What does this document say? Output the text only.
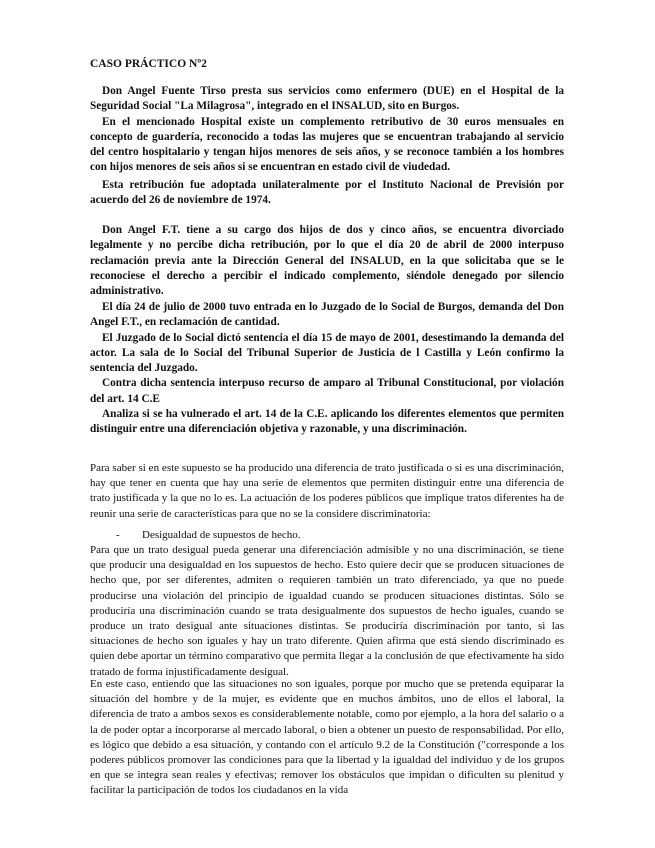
CASO PRÁCTICO Nº2
Don Angel Fuente Tirso presta sus servicios como enfermero (DUE) en el Hospital de la Seguridad Social "La Milagrosa", integrado en el INSALUD, sito en Burgos.
En el mencionado Hospital existe un complemento retributivo de 30 euros mensuales en concepto de guardería, reconocido a todas las mujeres que se encuentran trabajando al servicio del centro hospitalario y tengan hijos menores de seis años, y se reconoce también a los hombres con hijos menores de seis años si se encuentran en estado civil de viudedad.

Esta retribución fue adoptada unilateralmente por el Instituto Nacional de Previsión por acuerdo del 26 de noviembre de 1974.

Don Angel F.T. tiene a su cargo dos hijos de dos y cinco años, se encuentra divorciado legalmente y no percibe dicha retribución, por lo que el día 20 de abril de 2000 interpuso reclamación previa ante la Dirección General del INSALUD, en la que solicitaba que se le reconociese el derecho a percibir el indicado complemento, siéndole denegado por silencio administrativo.

El día 24 de julio de 2000 tuvo entrada en lo Juzgado de lo Social de Burgos, demanda del Don Angel F.T., en reclamación de cantidad.
El Juzgado de lo Social dictó sentencia el día 15 de mayo de 2001, desestimando la demanda del actor. La sala de lo Social del Tribunal Superior de Justicia de l Castilla y León confirmo la sentencia del Juzgado.
Contra dicha sentencia interpuso recurso de amparo al Tribunal Constitucional, por violación del art. 14 C.E

Analiza si se ha vulnerado el art. 14 de la C.E. aplicando los diferentes elementos que permiten distinguir entre una diferenciación objetiva y razonable, y una discriminación.

Para saber si en este supuesto se ha producido una diferencia de trato justificada o si es una discriminación, hay que tener en cuenta que hay una serie de elementos que permiten distinguir entre una diferencia de trato justificada y la que no lo es. La actuación de los poderes públicos que implique tratos diferentes ha de reunir una serie de características para que no se la considere discriminatoria:

- Desigualdad de supuestos de hecho.

Para que un trato desigual pueda generar una diferenciación admisible y no una discriminación, se tiene que producir una desigualdad en los supuestos de hecho. Esto quiere decir que se producen situaciones de hecho que, por ser diferentes, admiten o requieren también un trato diferenciado, ya que no puede producirse una violación del principio de igualdad cuando se producen situaciones distintas. Sólo se produciría una discriminación cuando se trata desigualmente dos supuestos de hecho iguales, cuando se produce un trato desigual ante situaciones distintas. Se produciría discriminación por tanto, si las situaciones de hecho son iguales y hay un trato diferente. Quien afirma que está siendo discriminado es quien debe aportar un término comparativo que permita llegar a la conclusión de que efectivamente ha sido tratado de forma injustificadamente desigual.

En este caso, entiendo que las situaciones no son iguales, porque por mucho que se pretenda equiparar la situación del hombre y de la mujer, es evidente que en muchos ámbitos, uno de ellos el laboral, la diferencia de trato a ambos sexos es considerablemente notable, como por ejemplo, a la hora del salario o a la de poder optar a incorporarse al mercado laboral, o bien a obtener un puesto de responsabilidad. Por ello, es lógico que debido a esa situación, y contando con el artículo 9.2 de la Constitución ("corresponde a los poderes públicos promover las condiciones para que la libertad y la igualdad del individuo y de los grupos en que se integra sean reales y efectivas; remover los obstáculos que impidan o dificulten su plenitud y facilitar la participación de todos los ciudadanos en la vida
